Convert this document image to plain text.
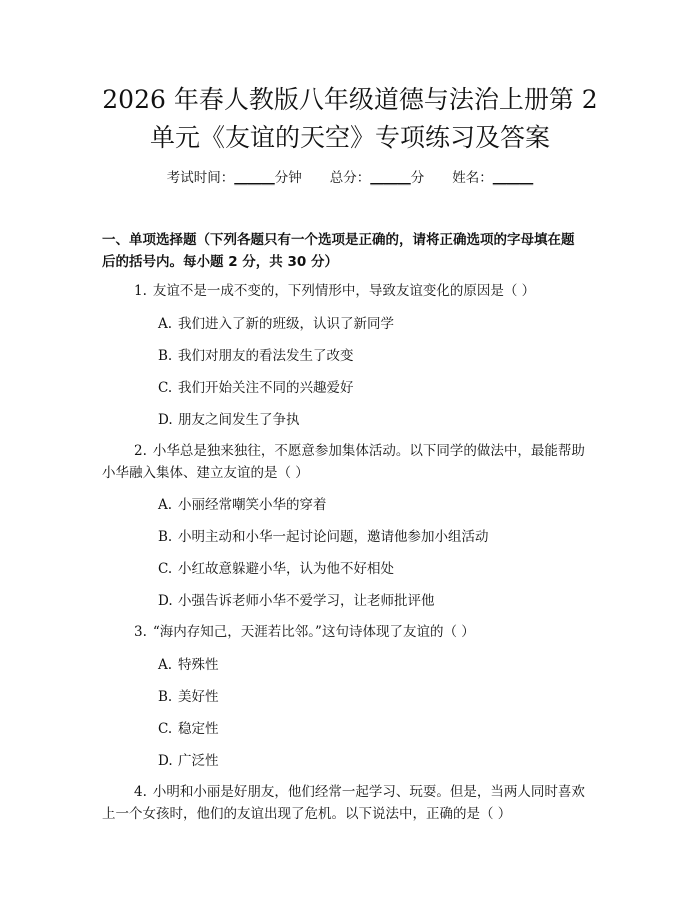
2026 年春人教版八年级道德与法治上册第 2
单元《友谊的天空》专项练习及答案
考试时间：______分钟 总分：______分 姓名：______
一、单项选择题（下列各题只有一个选项是正确的，请将正确选项的字母填在题
后的括号内。每小题 2 分，共 30 分）

1. 友谊不是一成不变的，下列情形中，导致友谊变化的原因是（ ）

A. 我们进入了新的班级，认识了新同学
B. 我们对朋友的看法发生了改变
C. 我们开始关注不同的兴趣爱好
D. 朋友之间发生了争执

2. 小华总是独来独往，不愿意参加集体活动。以下同学的做法中，最能帮助

小华融入集体、建立友谊的是（ ）

A. 小丽经常嘲笑小华的穿着
B. 小明主动和小华一起讨论问题，邀请他参加小组活动
C. 小红故意躲避小华，认为他不好相处
D. 小强告诉老师小华不爱学习，让老师批评他

3. “海内存知己，天涯若比邻。”这句诗体现了友谊的（ ）

A. 特殊性
B. 美好性
C. 稳定性
D. 广泛性

4. 小明和小丽是好朋友，他们经常一起学习、玩耍。但是，当两人同时喜欢

上一个女孩时，他们的友谊出现了危机。以下说法中，正确的是（ ）
